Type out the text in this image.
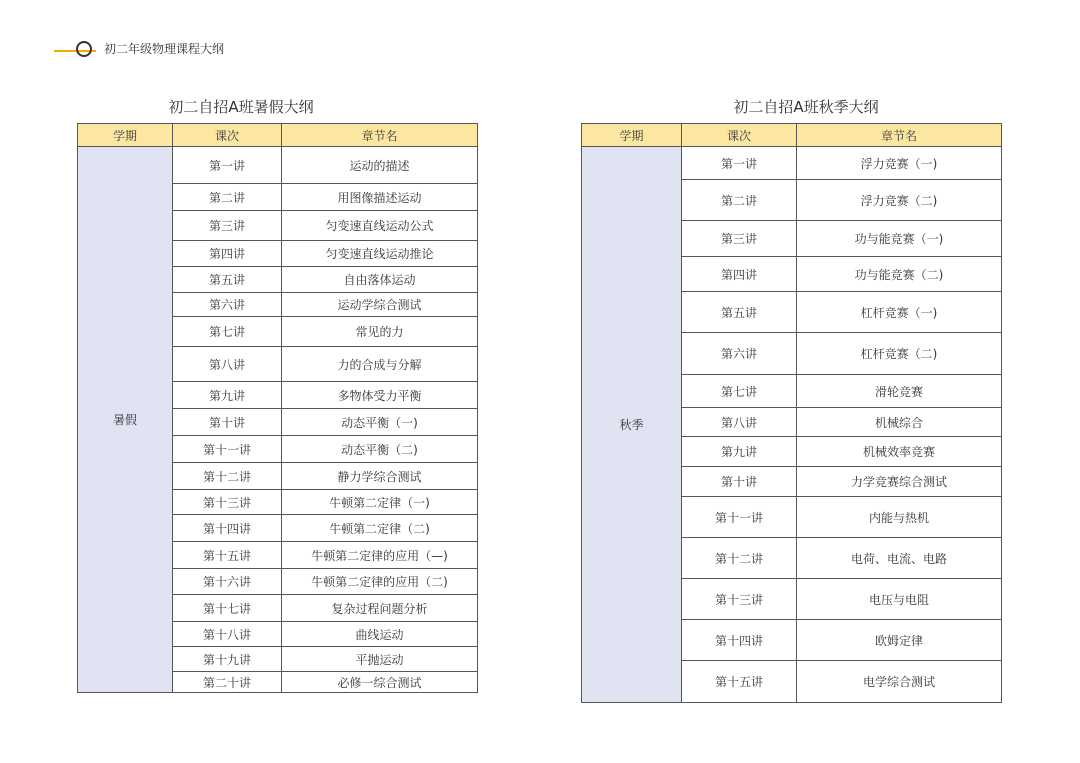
初二年级物理课程大纲
初二自招A班暑假大纲	初二自招A班秋季大纲
学期	课次	章节名
暑假	第一讲	运动的描述
	第二讲	用图像描述运动
	第三讲	匀变速直线运动公式
	第四讲	匀变速直线运动推论
	第五讲	自由落体运动
	第六讲	运动学综合测试
	第七讲	常见的力
	第八讲	力的合成与分解
	第九讲	多物体受力平衡
	第十讲	动态平衡（一)
	第十一讲	动态平衡（二)
	第十二讲	静力学综合测试
	第十三讲	牛顿第二定律（一)
	第十四讲	牛顿第二定律（二)
	第十五讲	牛顿第二定律的应用（—)
	第十六讲	牛顿第二定律的应用（二)
	第十七讲	复杂过程问题分析
	第十八讲	曲线运动
	第十九讲	平抛运动
	第二十讲	必修一综合测试
学期	课次	章节名
秋季	第一讲	浮力竞赛（一)
	第二讲	浮力竞赛（二)
	第三讲	功与能竞赛（一)
	第四讲	功与能竞赛（二)
	第五讲	杠杆竞赛（一)
	第六讲	杠杆竞赛（二)
	第七讲	滑轮竞赛
	第八讲	机械综合
	第九讲	机械效率竞赛
	第十讲	力学竞赛综合测试
	第十一讲	内能与热机
	第十二讲	电荷、电流、电路
	第十三讲	电压与电阻
	第十四讲	欧姆定律
	第十五讲	电学综合测试
